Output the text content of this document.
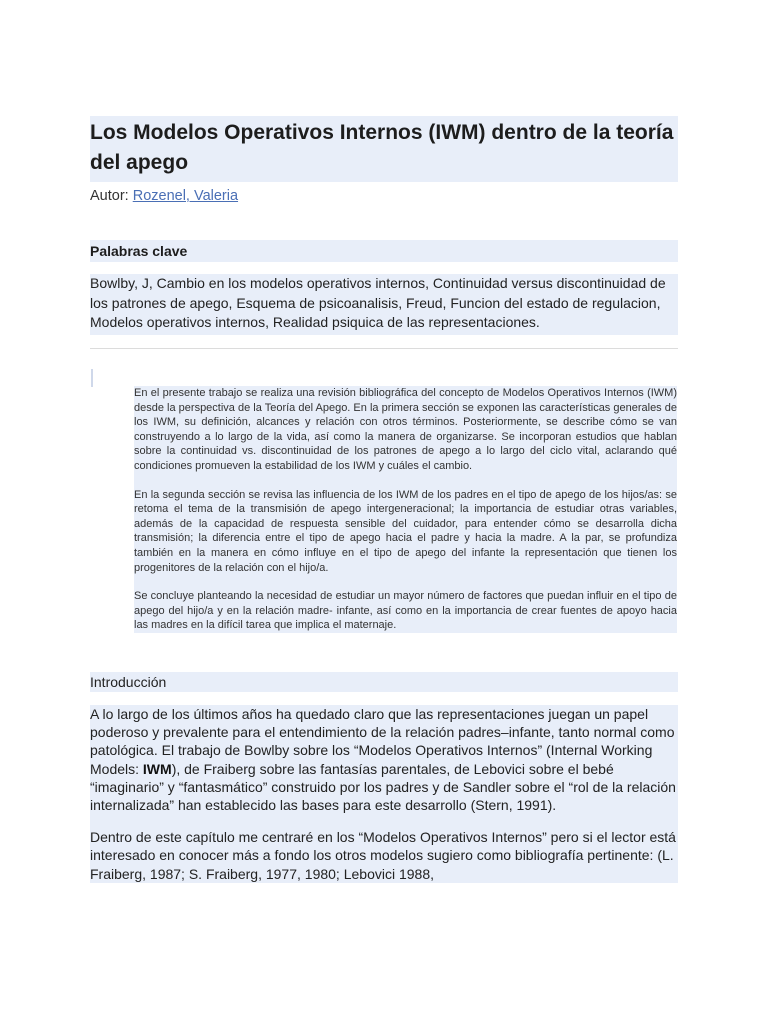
Los Modelos Operativos Internos (IWM) dentro de la teoría del apego
Autor: Rozenel, Valeria
Palabras clave
Bowlby, J, Cambio en los modelos operativos internos, Continuidad versus discontinuidad de los patrones de apego, Esquema de psicoanalisis, Freud, Funcion del estado de regulacion, Modelos operativos internos, Realidad psiquica de las representaciones.

En el presente trabajo se realiza una revisión bibliográfica del concepto de Modelos Operativos Internos (IWM) desde la perspectiva de la Teoría del Apego. En la primera sección se exponen las características generales de los IWM, su definición, alcances y relación con otros términos. Posteriormente, se describe cómo se van construyendo a lo largo de la vida, así como la manera de organizarse. Se incorporan estudios que hablan sobre la continuidad vs. discontinuidad de los patrones de apego a lo largo del ciclo vital, aclarando qué condiciones promueven la estabilidad de los IWM y cuáles el cambio.

En la segunda sección se revisa las influencia de los IWM de los padres en el tipo de apego de los hijos/as: se retoma el tema de la transmisión de apego intergeneracional; la importancia de estudiar otras variables, además de la capacidad de respuesta sensible del cuidador, para entender cómo se desarrolla dicha transmisión; la diferencia entre el tipo de apego hacia el padre y hacia la madre. A la par, se profundiza también en la manera en cómo influye en el tipo de apego del infante la representación que tienen los progenitores de la relación con el hijo/a.

Se concluye planteando la necesidad de estudiar un mayor número de factores que puedan influir en el tipo de apego del hijo/a y en la relación madre- infante, así como en la importancia de crear fuentes de apoyo hacia las madres en la difícil tarea que implica el maternaje.

Introducción

A lo largo de los últimos años ha quedado claro que las representaciones juegan un papel poderoso y prevalente para el entendimiento de la relación padres–infante, tanto normal como patológica. El trabajo de Bowlby sobre los “Modelos Operativos Internos” (Internal Working Models: IWM), de Fraiberg sobre las fantasías parentales, de Lebovici sobre el bebé “imaginario” y “fantasmático” construido por los padres y de Sandler sobre el “rol de la relación internalizada” han establecido las bases para este desarrollo (Stern, 1991).

Dentro de este capítulo me centraré en los “Modelos Operativos Internos” pero si el lector está interesado en conocer más a fondo los otros modelos sugiero como bibliografía pertinente: (L. Fraiberg, 1987; S. Fraiberg, 1977, 1980; Lebovici 1988,
